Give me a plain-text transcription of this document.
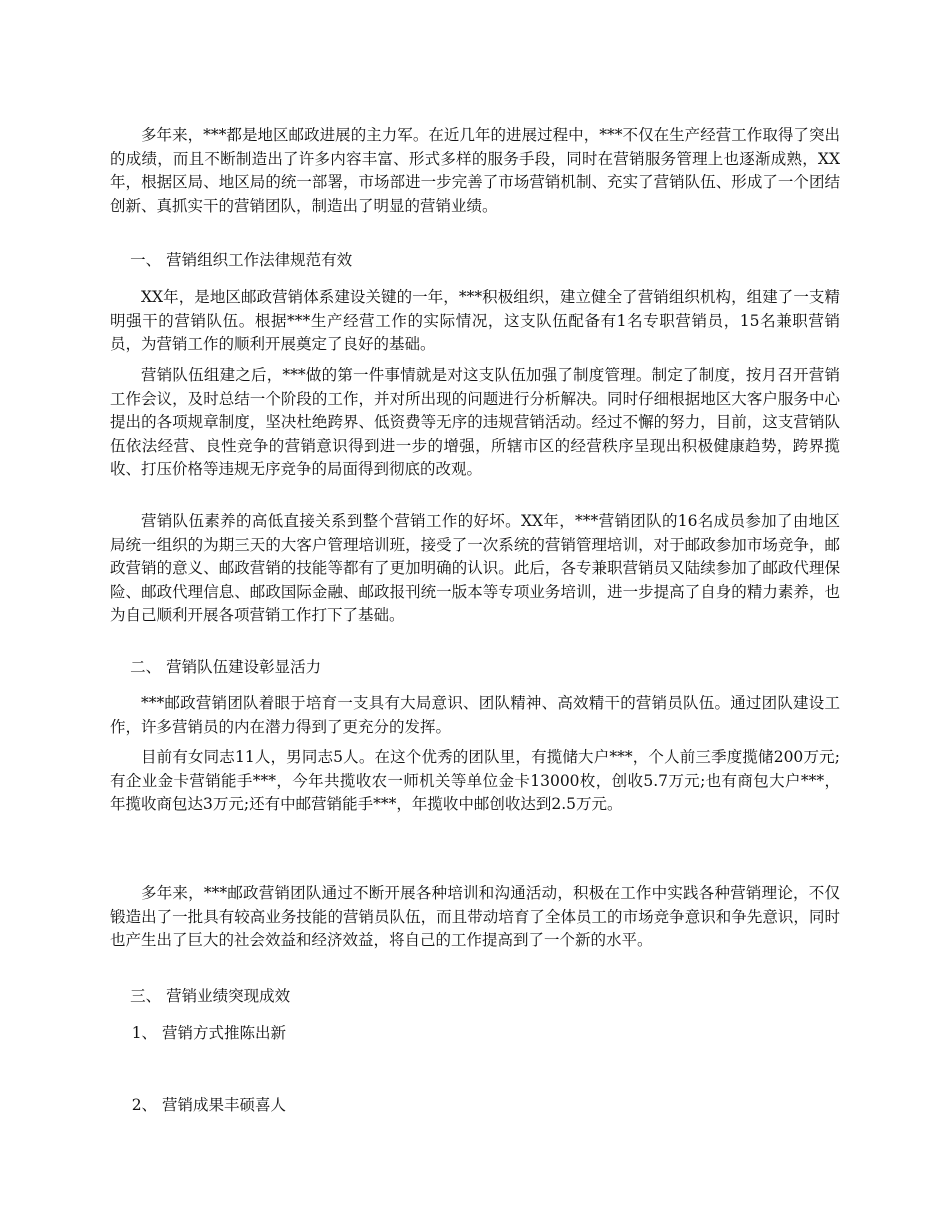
多年来，***都是地区邮政进展的主力军。在近几年的进展过程中，***不仅在生产经营工作取得了突出的成绩，而且不断制造出了许多内容丰富、形式多样的服务手段，同时在营销服务管理上也逐渐成熟，XX年，根据区局、地区局的统一部署，市场部进一步完善了市场营销机制、充实了营销队伍、形成了一个团结创新、真抓实干的营销团队，制造出了明显的营销业绩。

一、 营销组织工作法律规范有效

XX年，是地区邮政营销体系建设关键的一年，***积极组织，建立健全了营销组织机构，组建了一支精明强干的营销队伍。根据***生产经营工作的实际情况，这支队伍配备有1名专职营销员，15名兼职营销员，为营销工作的顺利开展奠定了良好的基础。

营销队伍组建之后，***做的第一件事情就是对这支队伍加强了制度管理。制定了制度，按月召开营销工作会议，及时总结一个阶段的工作，并对所出现的问题进行分析解决。同时仔细根据地区大客户服务中心提出的各项规章制度，坚决杜绝跨界、低资费等无序的违规营销活动。经过不懈的努力，目前，这支营销队伍依法经营、良性竞争的营销意识得到进一步的增强，所辖市区的经营秩序呈现出积极健康趋势，跨界揽收、打压价格等违规无序竞争的局面得到彻底的改观。

营销队伍素养的高低直接关系到整个营销工作的好坏。XX年，***营销团队的16名成员参加了由地区局统一组织的为期三天的大客户管理培训班，接受了一次系统的营销管理培训，对于邮政参加市场竞争，邮政营销的意义、邮政营销的技能等都有了更加明确的认识。此后，各专兼职营销员又陆续参加了邮政代理保险、邮政代理信息、邮政国际金融、邮政报刊统一版本等专项业务培训，进一步提高了自身的精力素养，也为自己顺利开展各项营销工作打下了基础。

二、 营销队伍建设彰显活力

***邮政营销团队着眼于培育一支具有大局意识、团队精神、高效精干的营销员队伍。通过团队建设工作，许多营销员的内在潜力得到了更充分的发挥。

目前有女同志11人，男同志5人。在这个优秀的团队里，有揽储大户***，个人前三季度揽储200万元;有企业金卡营销能手***，今年共揽收农一师机关等单位金卡13000枚，创收5.7万元;也有商包大户***，年揽收商包达3万元;还有中邮营销能手***，年揽收中邮创收达到2.5万元。

多年来，***邮政营销团队通过不断开展各种培训和沟通活动，积极在工作中实践各种营销理论，不仅锻造出了一批具有较高业务技能的营销员队伍，而且带动培育了全体员工的市场竞争意识和争先意识，同时也产生出了巨大的社会效益和经济效益，将自己的工作提高到了一个新的水平。

三、 营销业绩突现成效

1、 营销方式推陈出新

2、 营销成果丰硕喜人
